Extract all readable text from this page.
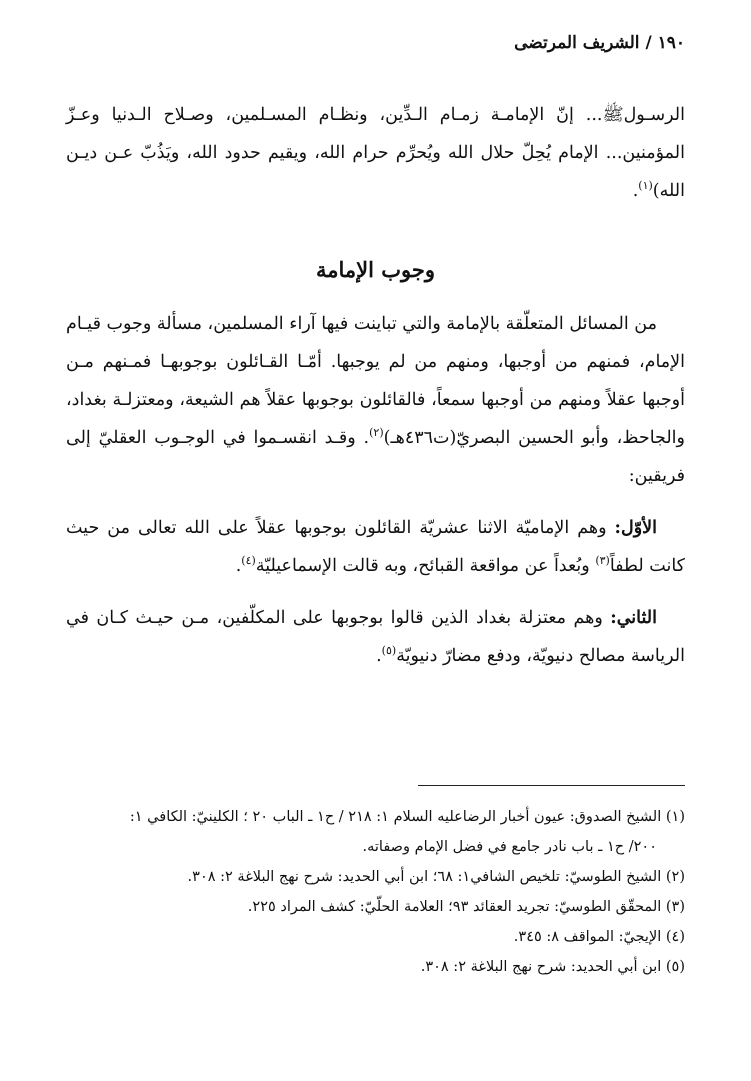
١٩٠ / الشريف المرتضى
الرسـول‌ﷺ... إنّ الإمامـة زمـام الـدِّين، ونظـام المسـلمين، وصـلاح الـدنيا وعـزّ المؤمنين... الإمام يُحِلّ حلال الله ويُحرِّم حرام الله، ويقيم حدود الله، ويَذُبّ عـن ديـن الله)$^{(١)}$.
وجوب الإمامة

من المسائل المتعلّقة بالإمامة والتي تباينت فيها آراء المسلمين، مسألة وجوب قيـام الإمام، فمنهم من أوجبها، ومنهم من لم يوجبها. أمّـا القـائلون بوجوبهـا فمـنهم مـن أوجبها عقلاً ومنهم من أوجبها سمعاً، فالقائلون بوجوبها عقلاً هم الشيعة، ومعتزلـة بغداد، والجاحظ، وأبو الحسين البصريّ(ت٤٣٦هـ)$^{(٢)}$. وقـد انقسـموا في الوجـوب العقليّ إلى فريقين:

الأوّل: وهم الإماميّة الاثنا عشريّة القائلون بوجوبها عقلاً على الله تعالى من حيث كانت لطفاً$^{(٣)}$ وبُعداً عن مواقعة القبائح، وبه قالت الإسماعيليّة$^{(٤)}$.

الثاني: وهم معتزلة بغداد الذين قالوا بوجوبها على المكلّفين، مـن حيـث كـان في الرياسة مصالح دنيويّة، ودفع مضارّ دنيويّة$^{(٥)}$.

(١) الشيخ الصدوق: عيون أخبار الرضا‌عليه السلام ١: ٢١٨ / ح١ ـ الباب ٢٠ ؛ الكلينيّ: الكافي ١:
٢٠٠/ ح١ ـ باب نادر جامع في فضل الإمام وصفاته.
(٢) الشيخ الطوسيّ: تلخيص الشافي١: ٦٨؛ ابن أبي الحديد: شرح نهج البلاغة ٢: ٣٠٨.
(٣) المحقّق الطوسيّ: تجريد العقائد ٩٣؛ العلامة الحلّيّ: كشف المراد ٢٢٥.
(٤) الإيجيّ: المواقف ٨: ٣٤٥.
(٥) ابن أبي الحديد: شرح نهج البلاغة ٢: ٣٠٨.
